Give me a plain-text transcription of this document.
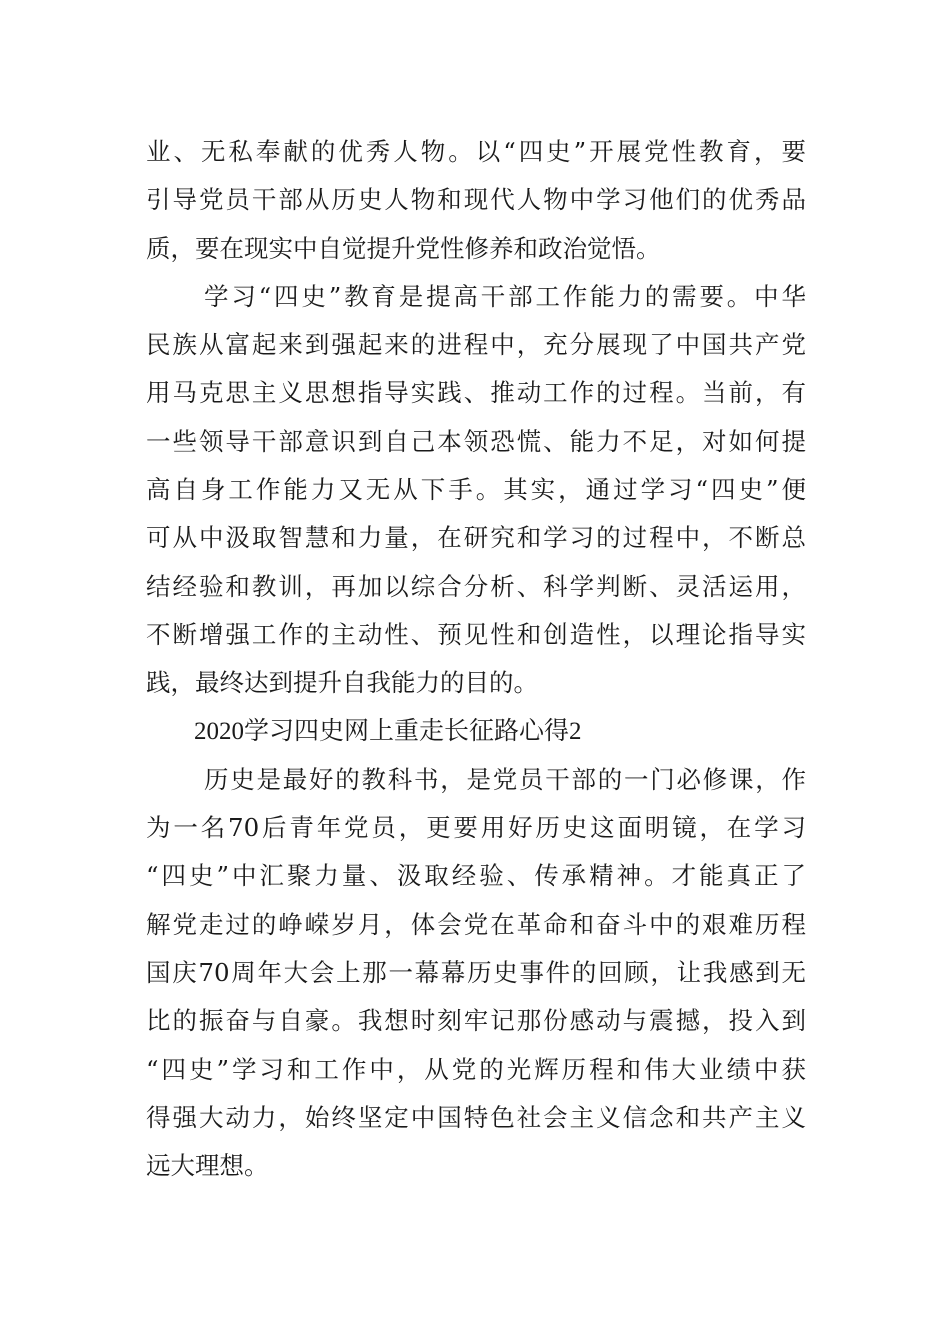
业、无私奉献的优秀人物。以“四史”开展党性教育，要
引导党员干部从历史人物和现代人物中学习他们的优秀品
质，要在现实中自觉提升党性修养和政治觉悟。
学习“四史”教育是提高干部工作能力的需要。中华
民族从富起来到强起来的进程中，充分展现了中国共产党
用马克思主义思想指导实践、推动工作的过程。当前，有
一些领导干部意识到自己本领恐慌、能力不足，对如何提
高自身工作能力又无从下手。其实，通过学习“四史”便
可从中汲取智慧和力量，在研究和学习的过程中，不断总
结经验和教训，再加以综合分析、科学判断、灵活运用，
不断增强工作的主动性、预见性和创造性，以理论指导实
践，最终达到提升自我能力的目的。
2020学习四史网上重走长征路心得2
历史是最好的教科书，是党员干部的一门必修课，作
为一名70后青年党员，更要用好历史这面明镜，在学习
“四史”中汇聚力量、汲取经验、传承精神。才能真正了
解党走过的峥嵘岁月，体会党在革命和奋斗中的艰难历程
国庆70周年大会上那一幕幕历史事件的回顾，让我感到无
比的振奋与自豪。我想时刻牢记那份感动与震撼，投入到
“四史”学习和工作中，从党的光辉历程和伟大业绩中获
得强大动力，始终坚定中国特色社会主义信念和共产主义
远大理想。
